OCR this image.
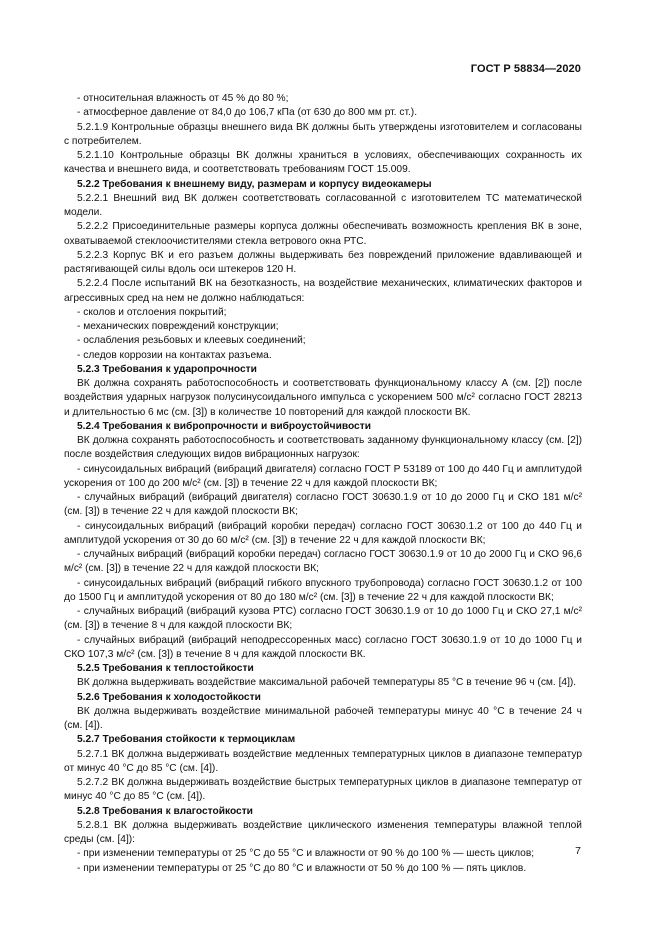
ГОСТ Р 58834—2020

- относительная влажность от 45 % до 80 %;

- атмосферное давление от 84,0 до 106,7 кПа (от 630 до 800 мм рт. ст.).

5.2.1.9 Контрольные образцы внешнего вида ВК должны быть утверждены изготовителем и согласованы с потребителем.

5.2.1.10 Контрольные образцы ВК должны храниться в условиях, обеспечивающих сохранность их качества и внешнего вида, и соответствовать требованиям ГОСТ 15.009.

5.2.2 Требования к внешнему виду, размерам и корпусу видеокамеры

5.2.2.1 Внешний вид ВК должен соответствовать согласованной с изготовителем ТС математической модели.

5.2.2.2 Присоединительные размеры корпуса должны обеспечивать возможность крепления ВК в зоне, охватываемой стеклоочистителями стекла ветрового окна РТС.

5.2.2.3 Корпус ВК и его разъем должны выдерживать без повреждений приложение вдавливающей и растягивающей силы вдоль оси штекеров 120 Н.

5.2.2.4 После испытаний ВК на безотказность, на воздействие механических, климатических факторов и агрессивных сред на нем не должно наблюдаться:

- сколов и отслоения покрытий;

- механических повреждений конструкции;

- ослабления резьбовых и клеевых соединений;

- следов коррозии на контактах разъема.

5.2.3 Требования к ударопрочности

ВК должна сохранять работоспособность и соответствовать функциональному классу А (см. [2]) после воздействия ударных нагрузок полусинусоидального импульса с ускорением 500 м/с² согласно ГОСТ 28213 и длительностью 6 мс (см. [3]) в количестве 10 повторений для каждой плоскости ВК.

5.2.4 Требования к вибропрочности и виброустойчивости

ВК должна сохранять работоспособность и соответствовать заданному функциональному классу (см. [2]) после воздействия следующих видов вибрационных нагрузок:

- синусоидальных вибраций (вибраций двигателя) согласно ГОСТ Р 53189 от 100 до 440 Гц и амплитудой ускорения от 100 до 200 м/с² (см. [3]) в течение 22 ч для каждой плоскости ВК;

- случайных вибраций (вибраций двигателя) согласно ГОСТ 30630.1.9 от 10 до 2000 Гц и СКО 181 м/с² (см. [3]) в течение 22 ч для каждой плоскости ВК;

- синусоидальных вибраций (вибраций коробки передач) согласно ГОСТ 30630.1.2 от 100 до 440 Гц и амплитудой ускорения от 30 до 60 м/с² (см. [3]) в течение 22 ч для каждой плоскости ВК;

- случайных вибраций (вибраций коробки передач) согласно ГОСТ 30630.1.9 от 10 до 2000 Гц и СКО 96,6 м/с² (см. [3]) в течение 22 ч для каждой плоскости ВК;

- синусоидальных вибраций (вибраций гибкого впускного трубопровода) согласно ГОСТ 30630.1.2 от 100 до 1500 Гц и амплитудой ускорения от 80 до 180 м/с² (см. [3]) в течение 22 ч для каждой плоскости ВК;

- случайных вибраций (вибраций кузова РТС) согласно ГОСТ 30630.1.9 от 10 до 1000 Гц и СКО 27,1 м/с² (см. [3]) в течение 8 ч для каждой плоскости ВК;

- случайных вибраций (вибраций неподрессоренных масс) согласно ГОСТ 30630.1.9 от 10 до 1000 Гц и СКО 107,3 м/с² (см. [3]) в течение 8 ч для каждой плоскости ВК.

5.2.5 Требования к теплостойкости

ВК должна выдерживать воздействие максимальной рабочей температуры 85 °С в течение 96 ч (см. [4]).

5.2.6 Требования к холодостойкости

ВК должна выдерживать воздействие минимальной рабочей температуры минус 40 °С в течение 24 ч (см. [4]).

5.2.7 Требования стойкости к термоциклам

5.2.7.1 ВК должна выдерживать воздействие медленных температурных циклов в диапазоне температур от минус 40 °С до 85 °С (см. [4]).

5.2.7.2 ВК должна выдерживать воздействие быстрых температурных циклов в диапазоне температур от минус 40 °С до 85 °С (см. [4]).

5.2.8 Требования к влагостойкости

5.2.8.1 ВК должна выдерживать воздействие циклического изменения температуры влажной теплой среды (см. [4]):

- при изменении температуры от 25 °С до 55 °С и влажности от 90 % до 100 % — шесть циклов;

- при изменении температуры от 25 °С до 80 °С и влажности от 50 % до 100 % — пять циклов.

7
